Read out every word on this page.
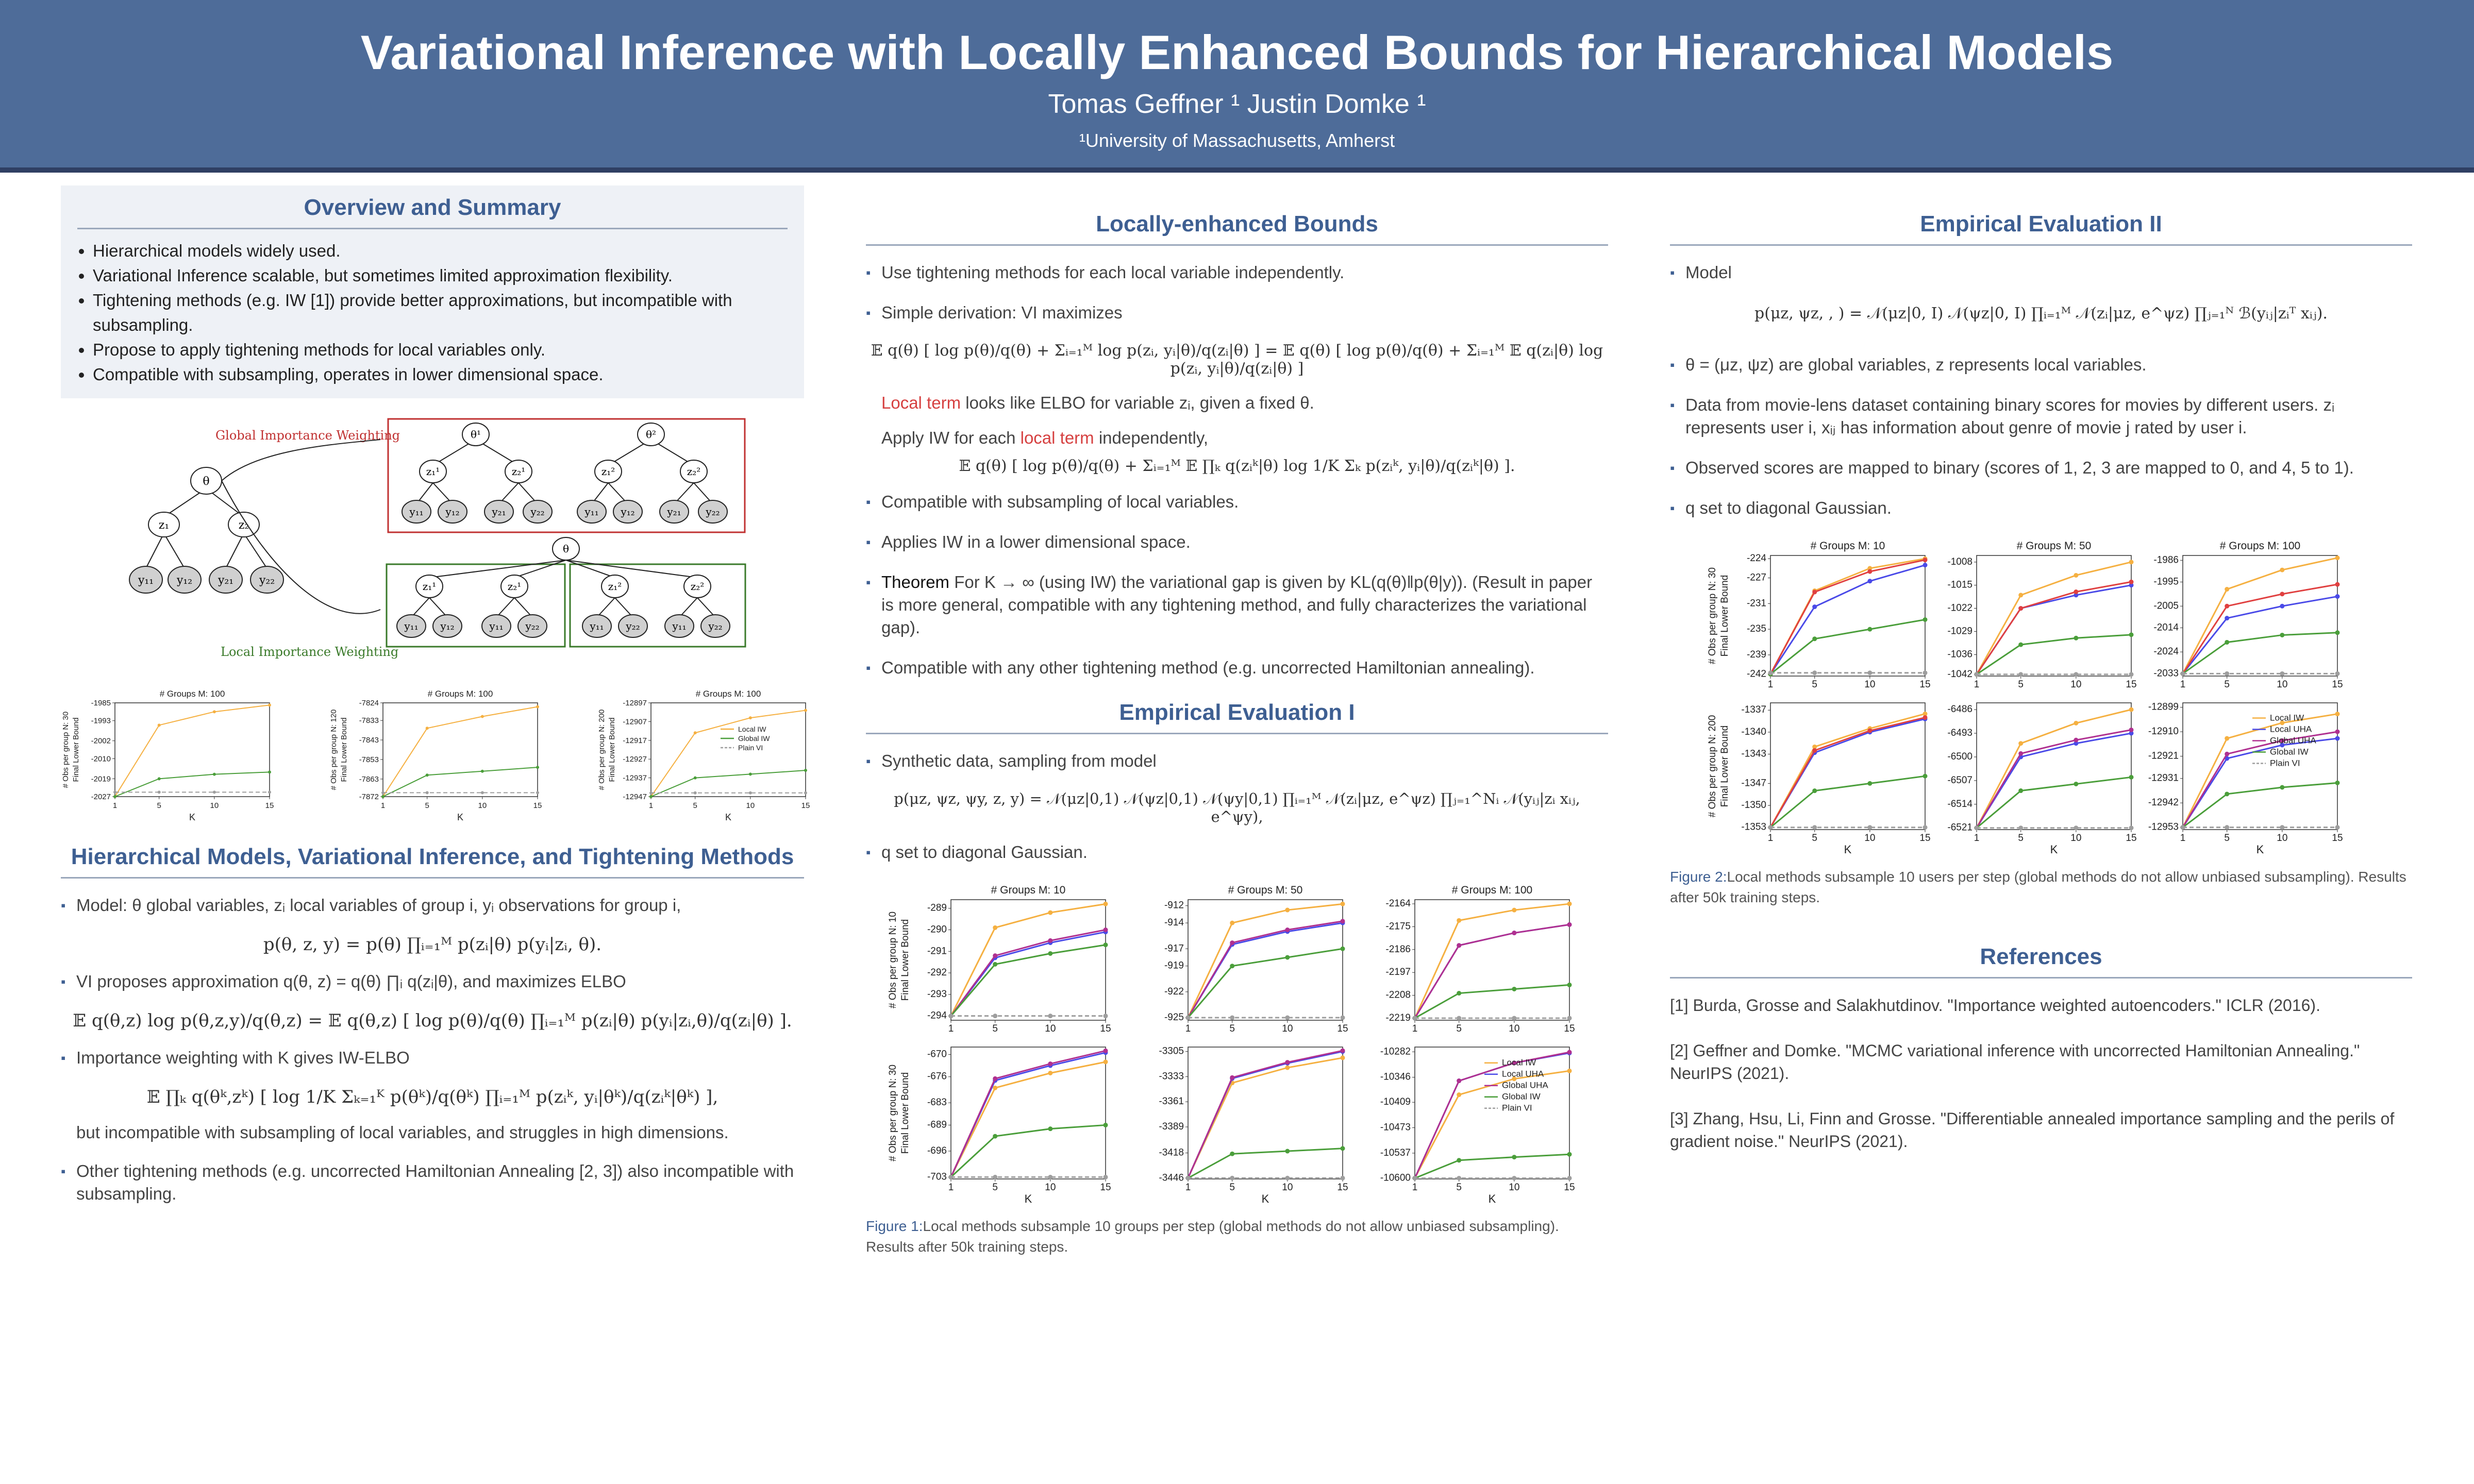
Variational Inference with Locally Enhanced Bounds for Hierarchical Models
Tomas Geffner ¹ Justin Domke ¹
¹University of Massachusetts, Amherst
Overview and Summary
• Hierarchical models widely used.
• Variational Inference scalable, but sometimes limited approximation flexibility.
• Tightening methods (e.g. IW [1]) provide better approximations, but incompatible with subsampling.
• Propose to apply tightening methods for local variables only.
• Compatible with subsampling, operates in lower dimensional space.
Global Importance Weighting
Local Importance Weighting
θ
z₁	z₂
y₁₁ y₁₂ y₂₁ y₂₂
θ¹
z₁¹	z₂¹
y₁₁ y₁₂	y₂₁ y₂₂
θ²
z₁²	z₂²
y₁₁ y₁₂	y₂₁ y₂₂
θ
z₁¹	z₂¹	z₁²	z₂²
y₁₁ y₁₂	y₁₁ y₂₂	y₁₁ y₂₂	y₁₁ y₂₂
# Groups M: 100
-1985
-1993
-2002
-2010
-2019
-2027
1	5	10	15
K
# Obs per group N: 30 Final Lower Bound
# Groups M: 100
-7824
-7833
-7843
-7853
-7863
-7872
1	5	10	15
K
# Obs per group N: 120 Final Lower Bound
# Groups M: 100
-12897
-12907
-12917
-12927
-12937
-12947
1	5	10	15
K
# Obs per group N: 200 Final Lower Bound	Local IW
Global IW
Plain VI
Hierarchical Models, Variational Inference, and Tightening Methods
▪ Model: θ global variables, zᵢ local variables of group i, yᵢ observations for group i,
p(θ, z, y) = p(θ) ∏ᵢ₌₁ᴹ p(zᵢ|θ) p(yᵢ|zᵢ, θ).
▪ VI proposes approximation q(θ, z) = q(θ) ∏ᵢ q(zᵢ|θ), and maximizes ELBO
𝔼 q(θ,z) log p(θ,z,y)/q(θ,z) = 𝔼 q(θ,z) [ log p(θ)/q(θ) ∏ᵢ₌₁ᴹ p(zᵢ|θ) p(yᵢ|zᵢ,θ)/q(zᵢ|θ) ].
▪ Importance weighting with K gives IW-ELBO
𝔼 ∏ₖ q(θᵏ,zᵏ) [ log 1/K Σₖ₌₁ᴷ p(θᵏ)/q(θᵏ) ∏ᵢ₌₁ᴹ p(zᵢᵏ, yᵢ|θᵏ)/q(zᵢᵏ|θᵏ) ],
but incompatible with subsampling of local variables, and struggles in high dimensions.
▪ Other tightening methods (e.g. uncorrected Hamiltonian Annealing [2, 3]) also incompatible with subsampling.
Locally-enhanced Bounds
▪ Use tightening methods for each local variable independently.
▪ Simple derivation: VI maximizes
𝔼 q(θ) [ log p(θ)/q(θ) + Σᵢ₌₁ᴹ log p(zᵢ, yᵢ|θ)/q(zᵢ|θ) ] = 𝔼 q(θ) [ log p(θ)/q(θ) + Σᵢ₌₁ᴹ 𝔼 q(zᵢ|θ) log p(zᵢ, yᵢ|θ)/q(zᵢ|θ) ]
Local term looks like ELBO for variable zᵢ, given a fixed θ.
Apply IW for each local term independently,
𝔼 q(θ) [ log p(θ)/q(θ) + Σᵢ₌₁ᴹ 𝔼 ∏ₖ q(zᵢᵏ|θ) log 1/K Σₖ p(zᵢᵏ, yᵢ|θ)/q(zᵢᵏ|θ) ].
▪ Compatible with subsampling of local variables.
▪ Applies IW in a lower dimensional space.
▪ Theorem For K → ∞ (using IW) the variational gap is given by KL(q(θ)‖p(θ|y)). (Result in paper is more general, compatible with any tightening method, and fully characterizes the variational gap).
▪ Compatible with any other tightening method (e.g. uncorrected Hamiltonian annealing).
Empirical Evaluation I
▪ Synthetic data, sampling from model
p(μz, ψz, ψy, z, y) = 𝒩(μz|0,1) 𝒩(ψz|0,1) 𝒩(ψy|0,1) ∏ᵢ₌₁ᴹ 𝒩(zᵢ|μz, e^ψz) ∏ⱼ₌₁^Nᵢ 𝒩(yᵢⱼ|zᵢ xᵢⱼ, e^ψy),
▪ q set to diagonal Gaussian.
# Groups M: 10
-289
-290
-291
-292
-293
-294
1	5	10	15
# Obs per group N: 10 Final Lower Bound
# Groups M: 50
-912
-914
-917
-919
-922
-925
1	5	10	15
# Groups M: 100
-2164
-2175
-2186
-2197
-2208
-2219
1	5	10	15
-670
-676
-683
-689
-696
-703
1	5	10	15
K
# Obs per group N: 30 Final Lower Bound
-3305
-3333
-3361
-3389
-3418
-3446
1	5	10	15
K
-10282
-10346
-10409
-10473
-10537
-10600
1	5	10	15
K
Local IW
Local UHA
Global UHA
Global IW
Plain VI
Figure 1:Local methods subsample 10 groups per step (global methods do not allow unbiased subsampling). Results after 50k training steps.
Empirical Evaluation II
▪ Model
p(μz, ψz, , ) = 𝒩(μz|0, I) 𝒩(ψz|0, I) ∏ᵢ₌₁ᴹ 𝒩(zᵢ|μz, e^ψz) ∏ⱼ₌₁ᴺ ℬ(yᵢⱼ|zᵢᵀ xᵢⱼ).
▪ θ = (μz, ψz) are global variables, z represents local variables.
▪ Data from movie-lens dataset containing binary scores for movies by different users. zᵢ represents user i, xᵢⱼ has information about genre of movie j rated by user i.
▪ Observed scores are mapped to binary (scores of 1, 2, 3 are mapped to 0, and 4, 5 to 1).
▪ q set to diagonal Gaussian.
# Groups M: 10
-224
-227
-231
-235
-239
-242
1	5	10	15
# Obs per group N: 30 Final Lower Bound
# Groups M: 50
-1008
-1015
-1022
-1029
-1036
-1042
1	5	10	15
# Groups M: 100
-1986
-1995
-2005
-2014
-2024
-2033
1	5	10	15
-1337
-1340
-1343
-1347
-1350
-1353
1	5	10	15
K
# Obs per group N: 200 Final Lower Bound
-6486
-6493
-6500
-6507
-6514
-6521
1	5	10	15
K
-12899
-12910
-12921
-12931
-12942
-12953
1	5	10	15
K
Local IW
Local UHA
Global UHA
Global IW
Plain VI
Figure 2:Local methods subsample 10 users per step (global methods do not allow unbiased subsampling). Results after 50k training steps.
References
[1] Burda, Grosse and Salakhutdinov. "Importance weighted autoencoders." ICLR (2016).
[2] Geffner and Domke. "MCMC variational inference with uncorrected Hamiltonian Annealing." NeurIPS (2021).
[3] Zhang, Hsu, Li, Finn and Grosse. "Differentiable annealed importance sampling and the perils of gradient noise." NeurIPS (2021).
